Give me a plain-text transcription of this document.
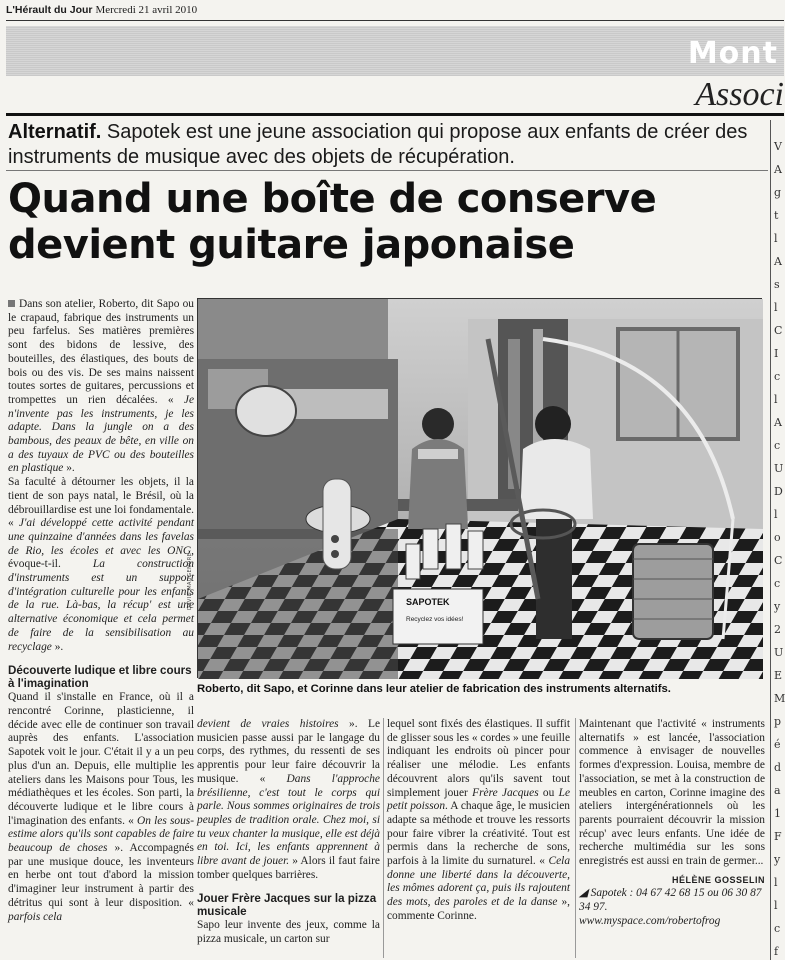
L'Hérault du Jour Mercredi 21 avril 2010
Mont
Associ
Alternatif. Sapotek est une jeune association qui propose aux enfants de créer des instruments de musique avec des objets de récupération.
Quand une boîte de conserve devient guitare japonaise
V
A
g
t
l
A
s
l
C
I
c
l
A
c
U
D
l
o
C
c
y
2
U
E
M
p
é
d
a
1
F
y
l
l
c
f

Dans son atelier, Roberto, dit Sapo ou le crapaud, fabrique des instruments un peu farfelus. Ses matières premières sont des bidons de lessive, des bouteilles, des élastiques, des bouts de bois ou des vis. De ses mains naissent toutes sortes de guitares, percussions et trompettes un rien décalées. « Je n'invente pas les instruments, je les adapte. Dans la jungle on a des bambous, des peaux de bête, en ville on a des tuyaux de PVC ou des bouteilles en plastique ».

Sa faculté à détourner les objets, il la tient de son pays natal, le Brésil, où la débrouillardise est une loi fondamentale. « J'ai développé cette activité pendant une quinzaine d'années dans les favelas de Rio, les écoles et avec les ONG, évoque-t-il.	La construction d'instruments est un support d'intégration culturelle pour les enfants de la rue. Là-bas, la récup' est une alternative économique et cela permet de faire de la sensibilisation au recyclage ».

Découverte ludique et libre cours à l'imagination

Quand il s'installe en France, où il a rencontré Corinne, plasticienne, il décide avec elle de continuer son travail auprès des enfants. L'association Sapotek voit le jour. C'était il y a un peu plus d'un an. Depuis, elle multiplie les ateliers dans les Maisons pour Tous, les médiathèques et les écoles. Son parti, la découverte ludique et le libre cours à l'imagination des enfants. « On les sous-estime alors qu'ils sont capables de faire beaucoup de choses ». Accompagnés par une musique douce, les inventeurs en herbe ont tout d'abord la mission d'imaginer leur instrument à partir des détritus qui sont à leur disposition. « parfois cela

SAPOTEK
Recyclez vos idées!
DAVID MAUGENDRE
Roberto, dit Sapo, et Corinne dans leur atelier de fabrication des instruments alternatifs.

devient de vraies histoires ». Le musicien passe aussi par le langage du corps, des rythmes, du ressenti de ses apprentis pour leur faire découvrir la musique. « Dans l'approche brésilienne, c'est tout le corps qui parle. Nous sommes originaires de trois peuples de tradition orale. Chez moi, si tu veux chanter la musique, elle est déjà en toi. Ici, les enfants apprennent à libre avant de jouer. » Alors il faut faire tomber quelques barrières.

Jouer Frère Jacques sur la pizza musicale

Sapo leur invente des jeux, comme la pizza musicale, un carton sur

lequel sont fixés des élastiques. Il suffit de glisser sous les « cordes » une feuille indiquant les endroits où pincer pour réaliser une mélodie. Les enfants découvrent alors qu'ils savent tout simplement jouer Frère Jacques ou Le petit poisson. A chaque âge, le musicien adapte sa méthode et trouve les ressorts pour faire vibrer la créativité. Tout est permis dans la recherche de sons, parfois à la limite du surnaturel. « Cela donne une liberté dans la découverte, les mômes adorent ça, puis ils rajoutent des mots, des paroles et de la danse », commente Corinne.

Maintenant que l'activité « instruments alternatifs » est lancée, l'association commence à envisager de nouvelles formes d'expression. Louisa, membre de l'association, se met à la construction de meubles en carton, Corinne imagine des ateliers intergénérationnels où les parents pourraient découvrir la mission récup' avec leurs enfants. Une idée de recherche multimédia sur les sons enregistrés est aussi en train de germer...

HÉLÈNE GOSSELIN

◢ Sapotek : 04 67 42 68 15 ou 06 30 87 34 97.

www.myspace.com/robertofrog
